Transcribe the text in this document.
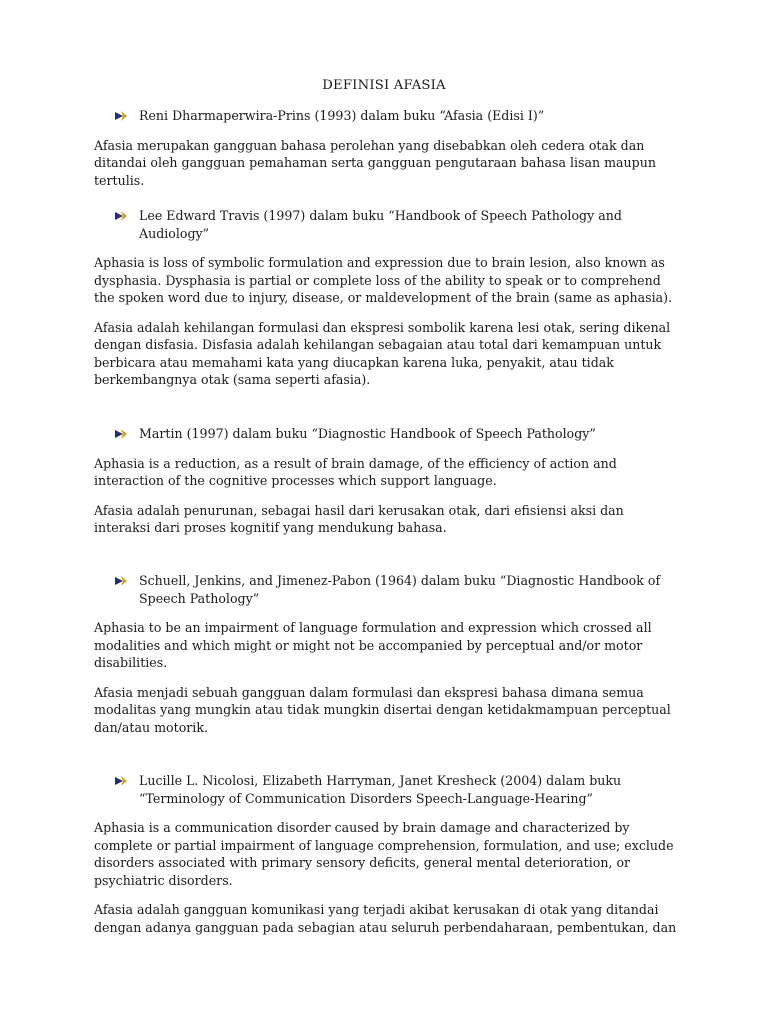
DEFINISI AFASIA
Reni Dharmaperwira-Prins (1993) dalam buku “Afasia (Edisi I)”

Afasia merupakan gangguan bahasa perolehan yang disebabkan oleh cedera otak dan ditandai oleh gangguan pemahaman serta gangguan pengutaraan bahasa lisan maupun tertulis.

Lee Edward Travis (1997) dalam buku “Handbook of Speech Pathology and Audiology”

Aphasia is loss of symbolic formulation and expression due to brain lesion, also known as dysphasia. Dysphasia is partial or complete loss of the ability to speak or to comprehend the spoken word due to injury, disease, or maldevelopment of the brain (same as aphasia).

Afasia adalah kehilangan formulasi dan ekspresi sombolik karena lesi otak, sering dikenal dengan disfasia. Disfasia adalah kehilangan sebagaian atau total dari kemampuan untuk berbicara atau memahami kata yang diucapkan karena luka, penyakit, atau tidak berkembangnya otak (sama seperti afasia).

Martin (1997) dalam buku “Diagnostic Handbook of Speech Pathology”

Aphasia is a reduction, as a result of brain damage, of the efficiency of action and interaction of the cognitive processes which support language.

Afasia adalah penurunan, sebagai hasil dari kerusakan otak, dari efisiensi aksi dan interaksi dari proses kognitif yang mendukung bahasa.

Schuell, Jenkins, and Jimenez-Pabon (1964) dalam buku “Diagnostic Handbook of Speech Pathology”

Aphasia to be an impairment of language formulation and expression which crossed all modalities and which might or might not be accompanied by perceptual and/or motor disabilities.

Afasia menjadi sebuah gangguan dalam formulasi dan ekspresi bahasa dimana semua modalitas yang mungkin atau tidak mungkin disertai dengan ketidakmampuan perceptual dan/atau motorik.

Lucille L. Nicolosi, Elizabeth Harryman, Janet Kresheck (2004) dalam buku “Terminology of Communication Disorders Speech-Language-Hearing”

Aphasia is a communication disorder caused by brain damage and characterized by complete or partial impairment of language comprehension, formulation, and use; exclude disorders associated with primary sensory deficits, general mental deterioration, or psychiatric disorders.

Afasia adalah gangguan komunikasi yang terjadi akibat kerusakan di otak yang ditandai dengan adanya gangguan pada sebagian atau seluruh perbendaharaan, pembentukan, dan
